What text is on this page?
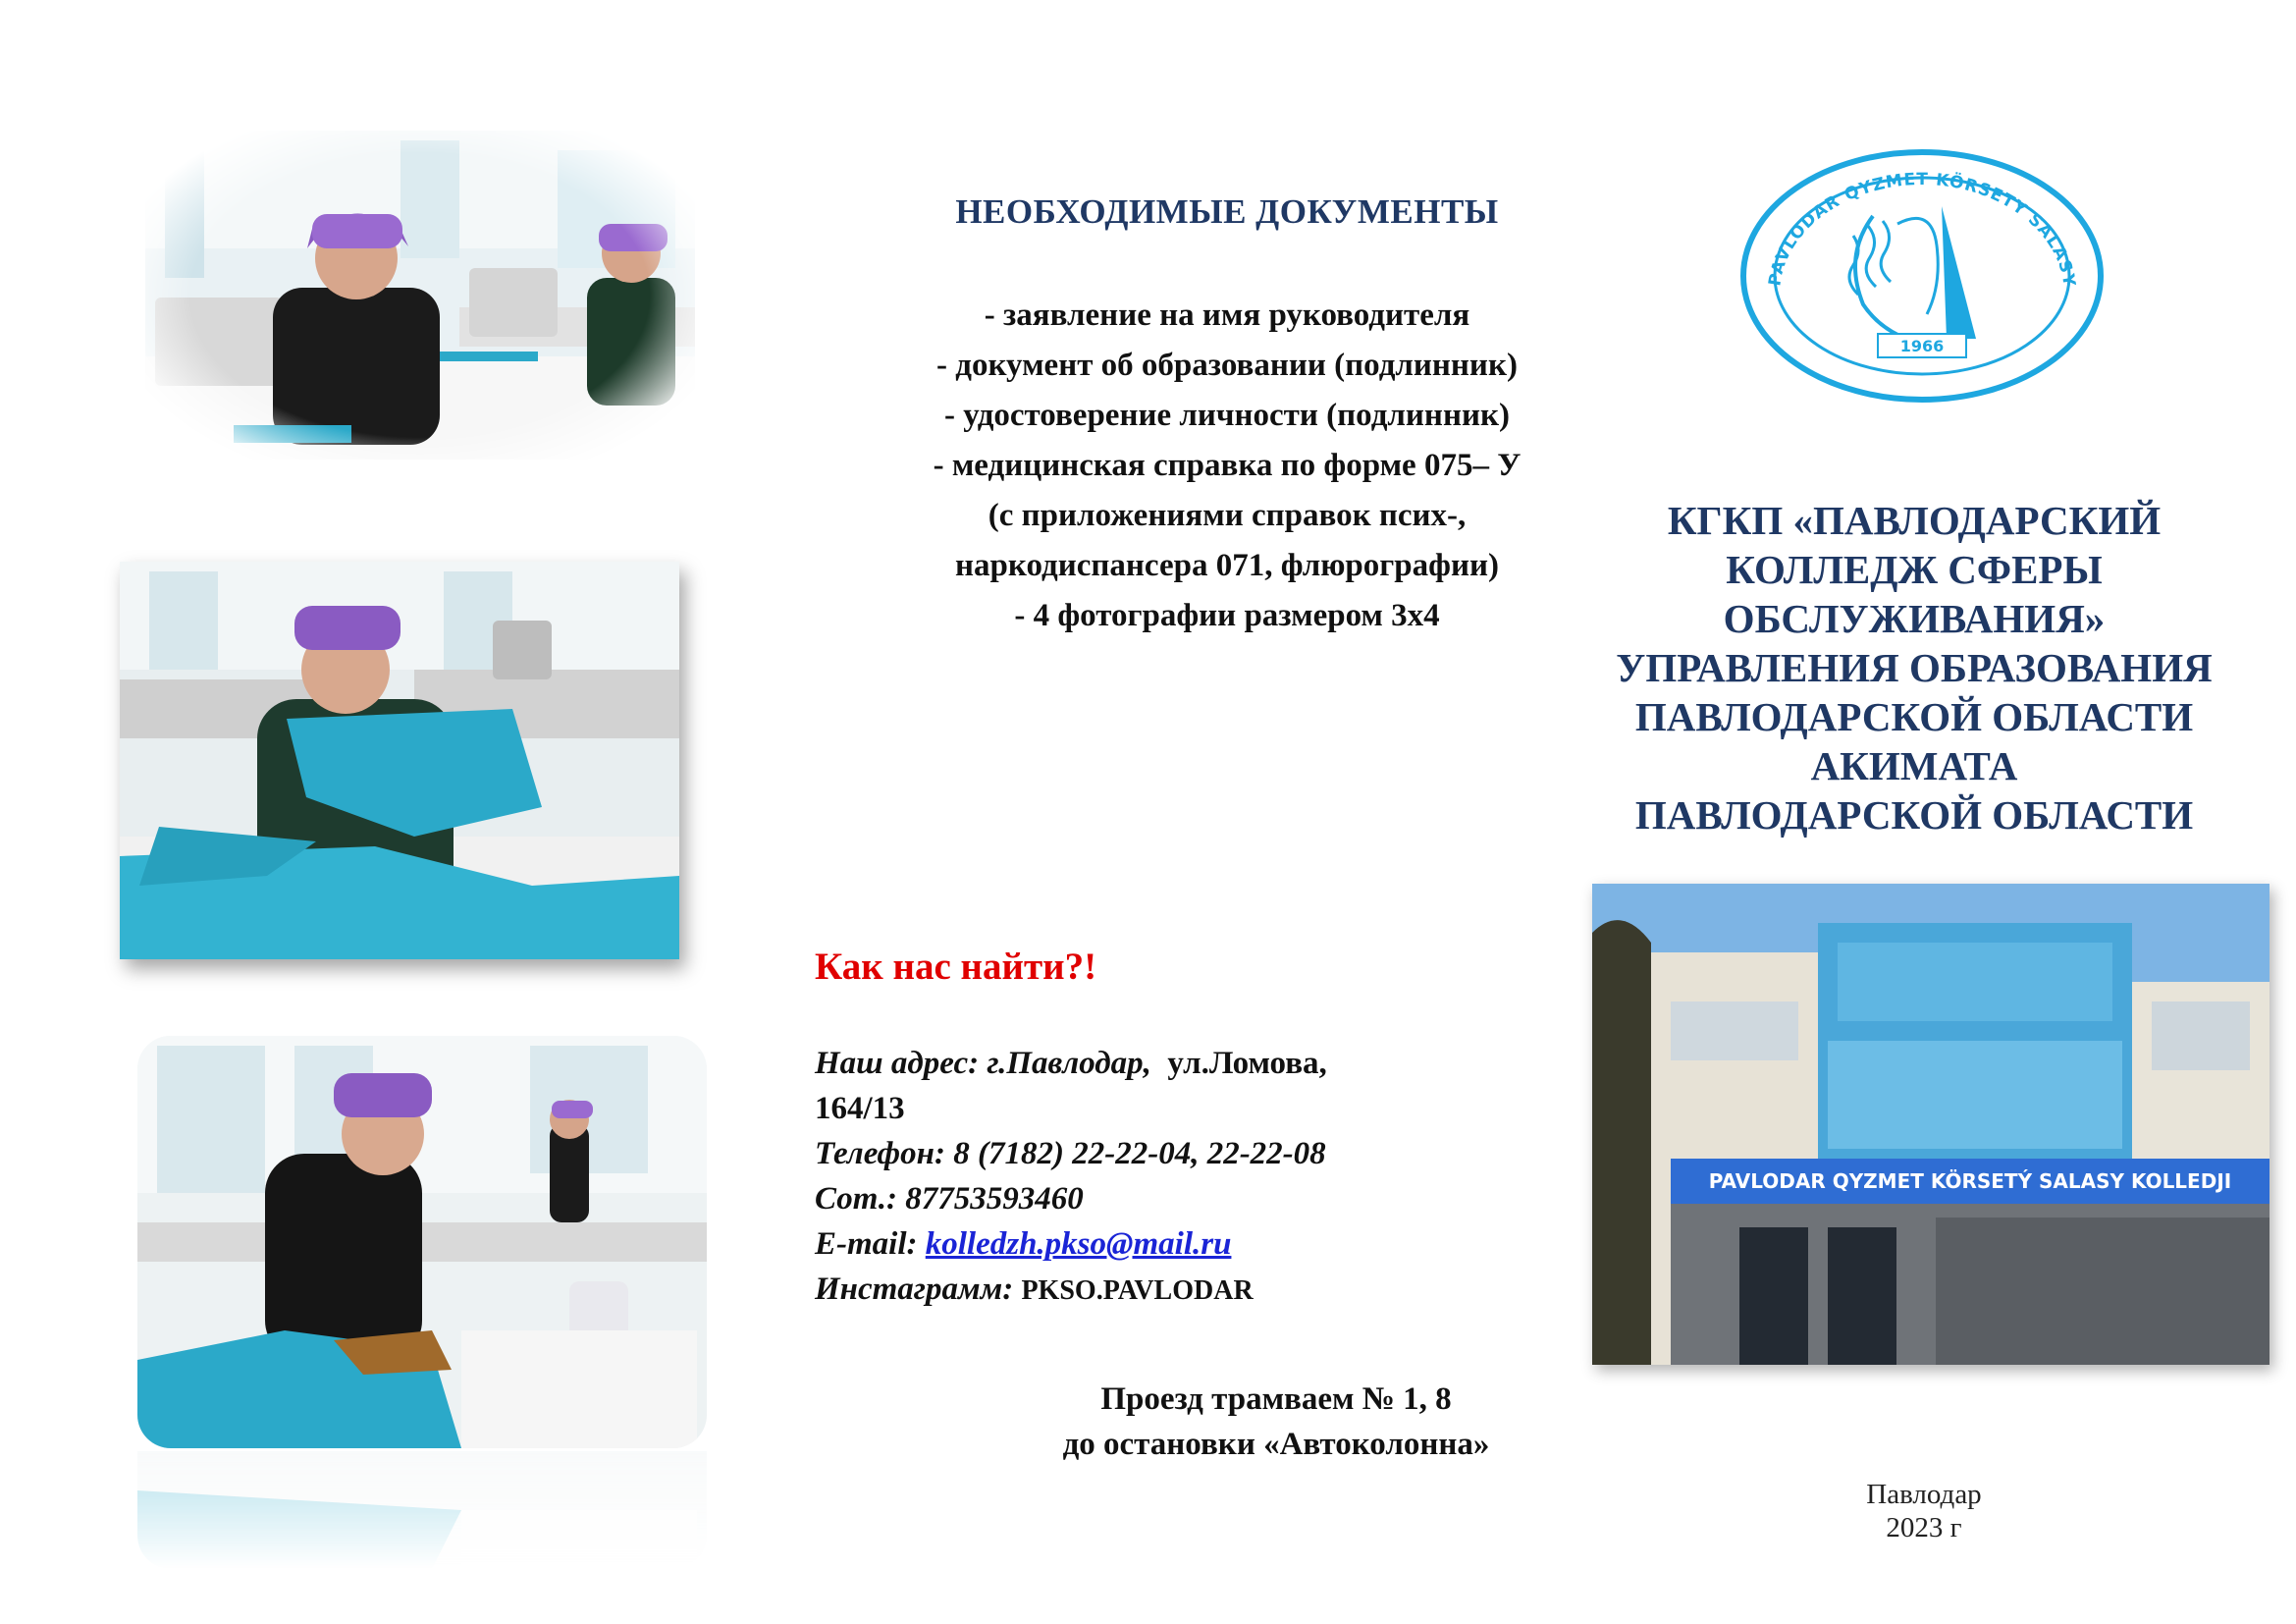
НЕОБХОДИМЫЕ ДОКУМЕНТЫ
- заявление на имя руководителя
- документ об образовании (подлинник)
- удостоверение личности (подлинник)
- медицинская справка по форме 075– У
(с приложениями справок псих-,
наркодиспансера 071, флюрографии)
- 4 фотографии размером 3х4
Как нас найти?!
Наш адрес: г.Павлодар, ул.Ломова,
164/13
Телефон: 8 (7182) 22-22-04, 22-22-08
Сот.: 87753593460
E-mail: kolledzh.pkso@mail.ru
Инстаграмм: PKSO.PAVLODAR
Проезд трамваем № 1, 8
до остановки «Автоколонна»
PAVLODAR QYZMET KÖRSETY SALASY
1966
КГКП «ПАВЛОДАРСКИЙ
КОЛЛЕДЖ СФЕРЫ
ОБСЛУЖИВАНИЯ»
УПРАВЛЕНИЯ ОБРАЗОВАНИЯ
ПАВЛОДАРСКОЙ ОБЛАСТИ
АКИМАТА
ПАВЛОДАРСКОЙ ОБЛАСТИ
PAVLODAR QYZMET KÖRSETÝ SALASY KOLLEDJI
Павлодар
2023 г
